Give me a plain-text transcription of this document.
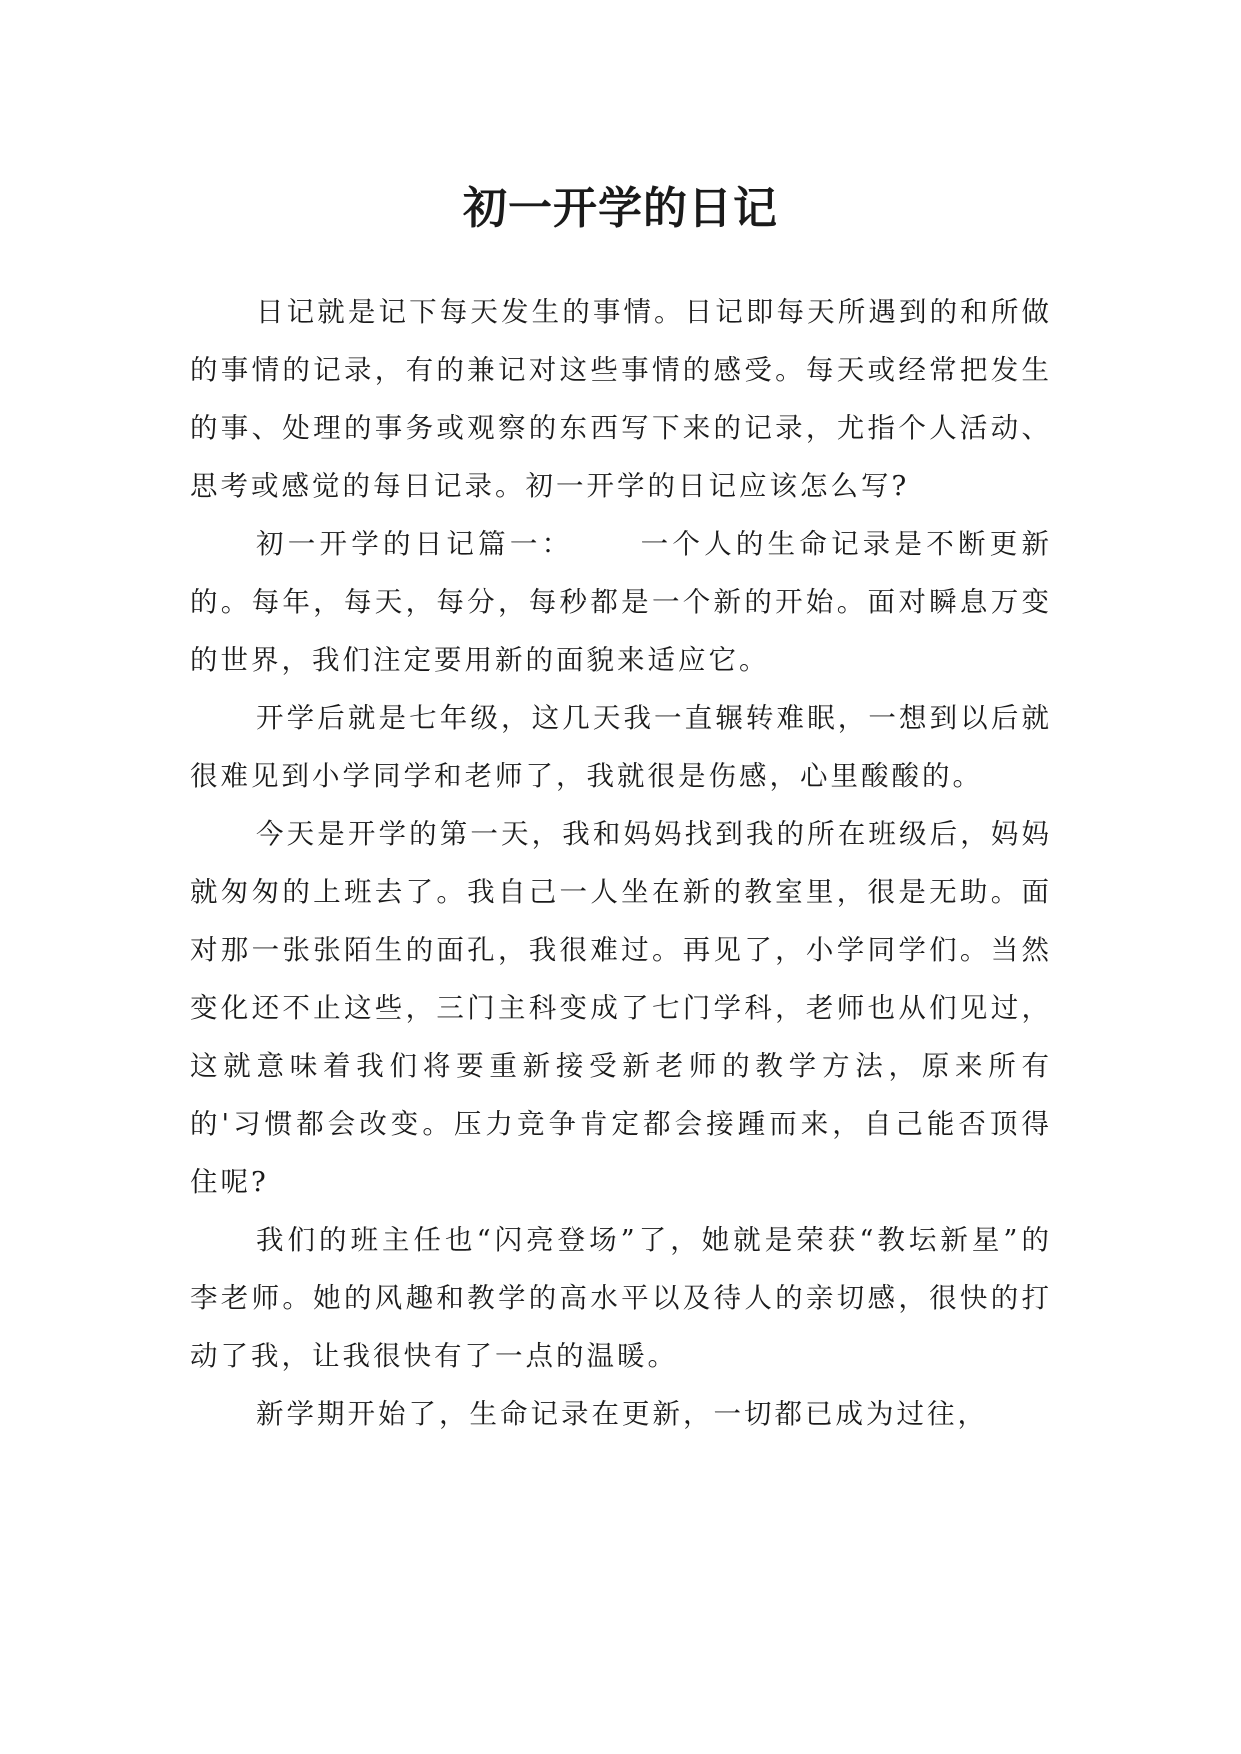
初一开学的日记

日记就是记下每天发生的事情。日记即每天所遇到的和所做的事情的记录，有的兼记对这些事情的感受。每天或经常把发生的事、处理的事务或观察的东西写下来的记录，尤指个人活动、思考或感觉的每日记录。初一开学的日记应该怎么写?

初一开学的日记篇一： 一个人的生命记录是不断更新的。每年，每天，每分，每秒都是一个新的开始。面对瞬息万变的世界，我们注定要用新的面貌来适应它。

开学后就是七年级，这几天我一直辗转难眠，一想到以后就很难见到小学同学和老师了，我就很是伤感，心里酸酸的。

今天是开学的第一天，我和妈妈找到我的所在班级后，妈妈就匆匆的上班去了。我自己一人坐在新的教室里，很是无助。面对那一张张陌生的面孔，我很难过。再见了，小学同学们。当然变化还不止这些，三门主科变成了七门学科，老师也从们见过，这就意味着我们将要重新接受新老师的教学方法，原来所有的'习惯都会改变。压力竞争肯定都会接踵而来，自己能否顶得住呢?

我们的班主任也“闪亮登场”了，她就是荣获“教坛新星”的李老师。她的风趣和教学的高水平以及待人的亲切感，很快的打动了我，让我很快有了一点的温暖。

新学期开始了，生命记录在更新，一切都已成为过往，
